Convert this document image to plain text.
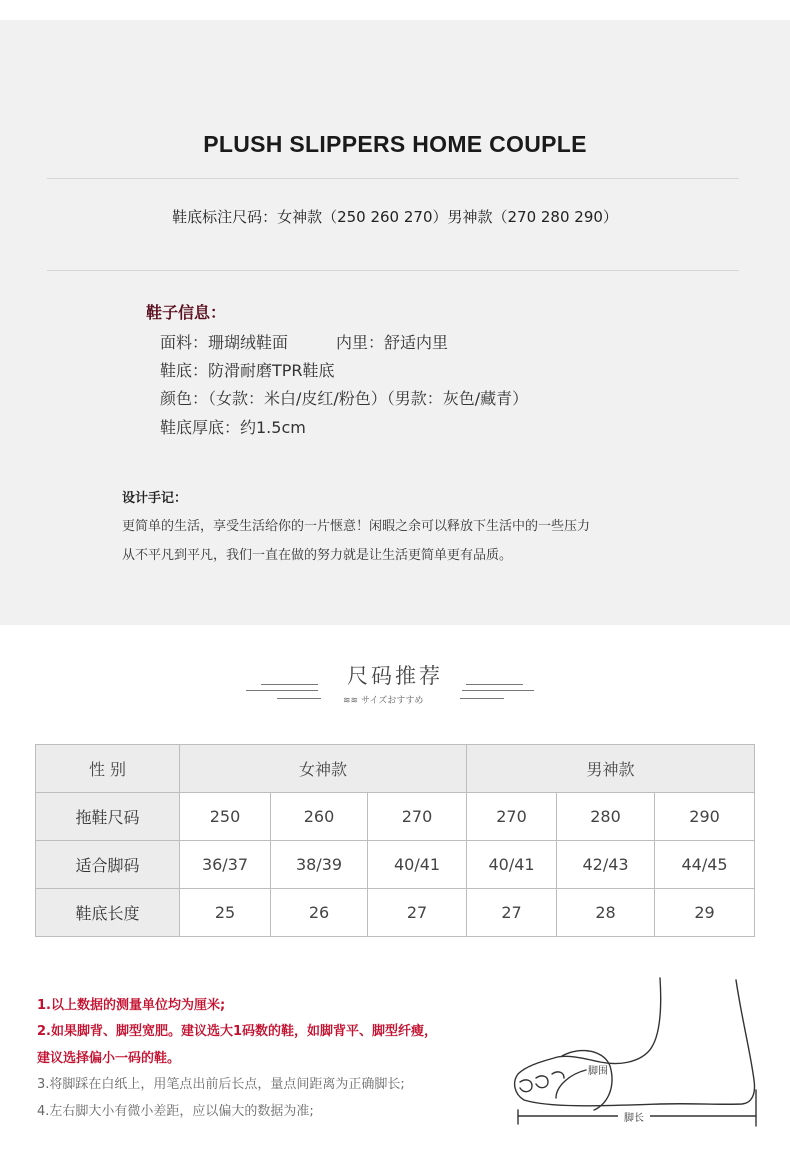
PLUSH SLIPPERS HOME COUPLE
鞋底标注尺码：女神款（250 260 270）男神款（270 280 290）
鞋子信息：
面料：珊瑚绒鞋面	内里：舒适内里
鞋底：防滑耐磨TPR鞋底
颜色：（女款：米白/皮红/粉色）（男款：灰色/藏青）
鞋底厚底：约1.5cm
设计手记：
更简单的生活，享受生活给你的一片惬意！闲暇之余可以释放下生活中的一些压力
从不平凡到平凡，我们一直在做的努力就是让生活更简单更有品质。
尺码推荐
≋≋ サイズおすすめ
性 别	女神款			男神款		
拖鞋尺码	250	260	270	270	280	290
适合脚码	36/37	38/39	40/41	40/41	42/43	44/45
鞋底长度	25	26	27	27	28	29
1.以上数据的测量单位均为厘米;
2.如果脚背、脚型宽肥。建议选大1码数的鞋，如脚背平、脚型纤瘦，
建议选择偏小一码的鞋。
3.将脚踩在白纸上，用笔点出前后长点，量点间距离为正确脚长;
4.左右脚大小有微小差距，应以偏大的数据为准;	脚长
脚围
